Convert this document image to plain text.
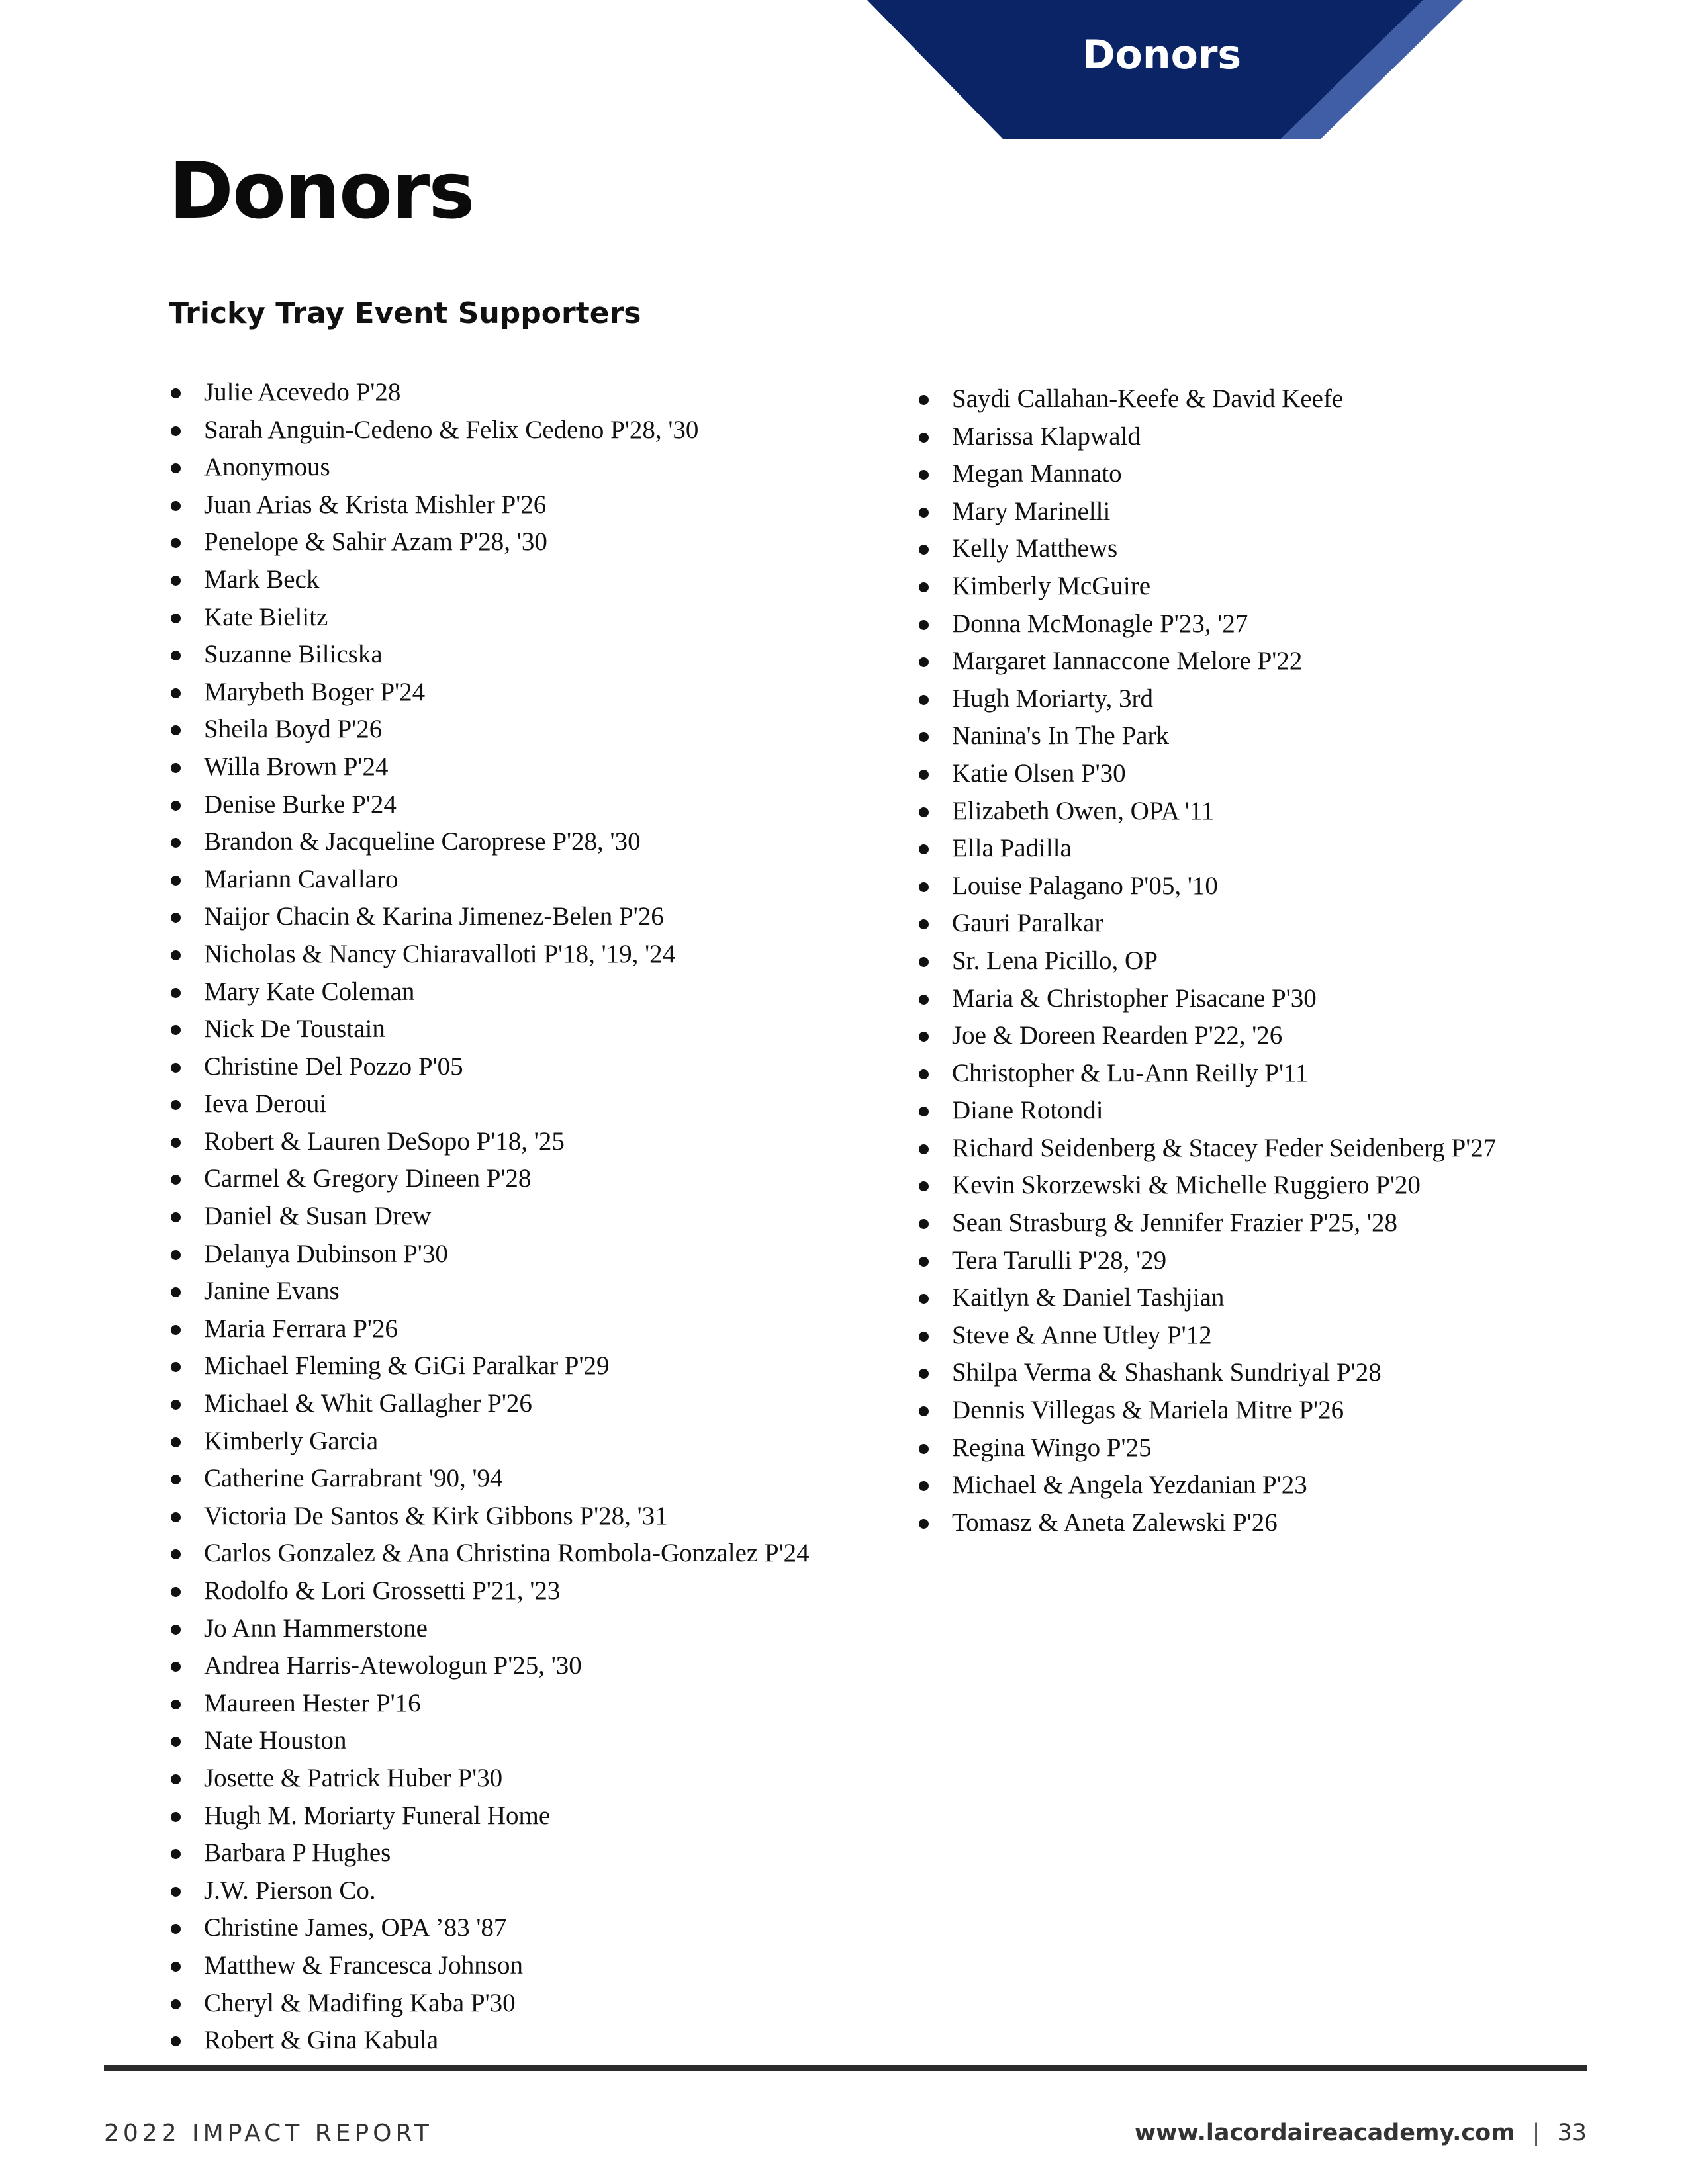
Donors
Donors
Tricky Tray Event Supporters
Julie Acevedo P'28
Sarah Anguin-Cedeno & Felix Cedeno P'28, '30
Anonymous
Juan Arias & Krista Mishler P'26
Penelope & Sahir Azam P'28, '30
Mark Beck
Kate Bielitz
Suzanne Bilicska
Marybeth Boger P'24
Sheila Boyd P'26
Willa Brown P'24
Denise Burke P'24
Brandon & Jacqueline Caroprese P'28, '30
Mariann Cavallaro
Naijor Chacin & Karina Jimenez-Belen P'26
Nicholas & Nancy Chiaravalloti P'18, '19, '24
Mary Kate Coleman
Nick De Toustain
Christine Del Pozzo P'05
Ieva Deroui
Robert & Lauren DeSopo P'18, '25
Carmel & Gregory Dineen P'28
Daniel & Susan Drew
Delanya Dubinson P'30
Janine Evans
Maria Ferrara P'26
Michael Fleming & GiGi Paralkar P'29
Michael & Whit Gallagher P'26
Kimberly Garcia
Catherine Garrabrant '90, '94
Victoria De Santos & Kirk Gibbons P'28, '31
Carlos Gonzalez & Ana Christina Rombola-Gonzalez P'24
Rodolfo & Lori Grossetti P'21, '23
Jo Ann Hammerstone
Andrea Harris-Atewologun P'25, '30
Maureen Hester P'16
Nate Houston
Josette & Patrick Huber P'30
Hugh M. Moriarty Funeral Home
Barbara P Hughes
J.W. Pierson Co.
Christine James, OPA ’83 '87
Matthew & Francesca Johnson
Cheryl & Madifing Kaba P'30
Robert & Gina Kabula
Saydi Callahan-Keefe & David Keefe
Marissa Klapwald
Megan Mannato
Mary Marinelli
Kelly Matthews
Kimberly McGuire
Donna McMonagle P'23, '27
Margaret Iannaccone Melore P'22
Hugh Moriarty, 3rd
Nanina's In The Park
Katie Olsen P'30
Elizabeth Owen, OPA '11
Ella Padilla
Louise Palagano P'05, '10
Gauri Paralkar
Sr. Lena Picillo, OP
Maria & Christopher Pisacane P'30
Joe & Doreen Rearden P'22, '26
Christopher & Lu-Ann Reilly P'11
Diane Rotondi
Richard Seidenberg & Stacey Feder Seidenberg P'27
Kevin Skorzewski & Michelle Ruggiero P'20
Sean Strasburg & Jennifer Frazier P'25, '28
Tera Tarulli P'28, '29
Kaitlyn & Daniel Tashjian
Steve & Anne Utley P'12
Shilpa Verma & Shashank Sundriyal P'28
Dennis Villegas & Mariela Mitre P'26
Regina Wingo P'25
Michael & Angela Yezdanian P'23
Tomasz & Aneta Zalewski P'26
2022 IMPACT REPORT	www.lacordaireacademy.com | 33
